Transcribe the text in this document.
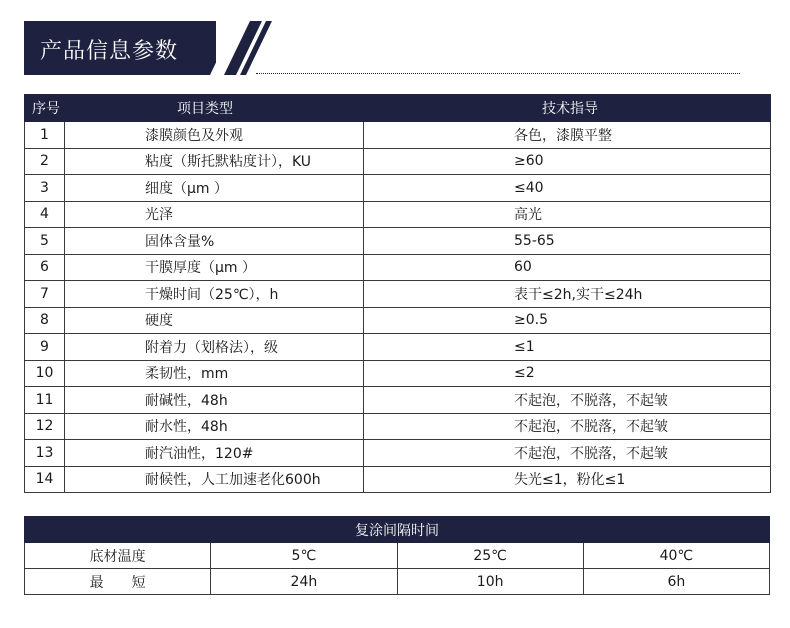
产品信息参数
序号	项目类型	技术指导
1	漆膜颜色及外观	各色，漆膜平整
2	粘度（斯托默粘度计），KU	≥60
3	细度（μm ）	≤40
4	光泽	高光
5	固体含量%	55-65
6	干膜厚度（μm ）	60
7	干燥时间（25℃），h	表干≤2h,实干≤24h
8	硬度	≥0.5
9	附着力（划格法），级	≤1
10	柔韧性，mm	≤2
11	耐碱性，48h	不起泡，不脱落，不起皱
12	耐水性，48h	不起泡，不脱落，不起皱
13	耐汽油性，120#	不起泡，不脱落，不起皱
14	耐候性，人工加速老化600h	失光≤1，粉化≤1
复涂间隔时间			
底材温度	5℃	25℃	40℃
最　　短	24h	10h	6h
